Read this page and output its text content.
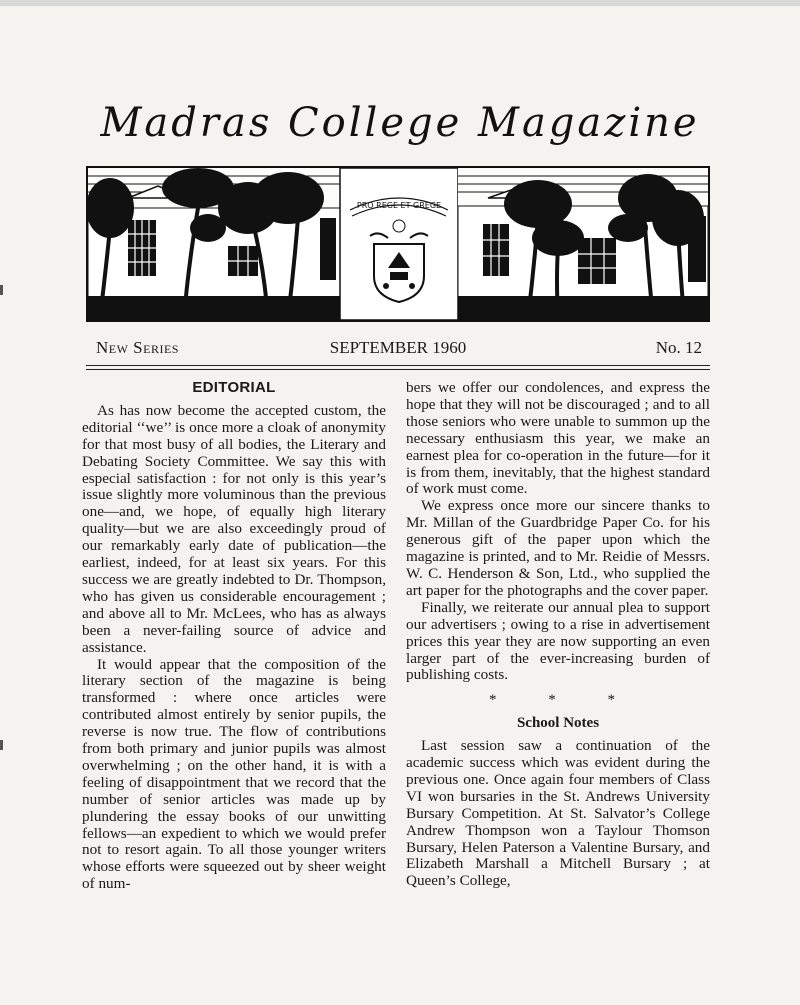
Madras College Magazine
PRO REGE ET GREGE
New Series	SEPTEMBER 1960	No. 12
EDITORIAL

As has now become the accepted custom, the editorial ‘‘we’’ is once more a cloak of anonymity for that most busy of all bodies, the Literary and Debating Society Committee. We say this with especial satisfaction : for not only is this year’s issue slightly more voluminous than the previous one—and, we hope, of equally high literary quality—but we are also exceedingly proud of our remarkably early date of publication—the earliest, indeed, for at least six years. For this success we are greatly indebted to Dr. Thompson, who has given us considerable encouragement ; and above all to Mr. McLees, who has as always been a never-failing source of advice and assistance.

It would appear that the composition of the literary section of the magazine is being transformed : where once articles were contributed almost entirely by senior pupils, the reverse is now true. The flow of contributions from both primary and junior pupils was almost overwhelming ; on the other hand, it is with a feeling of disappointment that we record that the number of senior articles was made up by plundering the essay books of our unwitting fellows—an expedient to which we would prefer not to resort again. To all those younger writers whose efforts were squeezed out by sheer weight of num-

bers we offer our condolences, and express the hope that they will not be discouraged ; and to all those seniors who were unable to summon up the necessary enthusiasm this year, we make an earnest plea for co-operation in the future—for it is from them, inevitably, that the highest standard of work must come.

We express once more our sincere thanks to Mr. Millan of the Guardbridge Paper Co. for his generous gift of the paper upon which the magazine is printed, and to Mr. Reidie of Messrs. W. C. Henderson & Son, Ltd., who supplied the art paper for the photographs and the cover paper.

Finally, we reiterate our annual plea to support our advertisers ; owing to a rise in advertisement prices this year they are now supporting an even larger part of the ever-increasing burden of publishing costs.

* * *
School Notes

Last session saw a continuation of the academic success which was evident during the previous one. Once again four members of Class VI won bursaries in the St. Andrews University Bursary Competition. At St. Salvator’s College Andrew Thompson won a Taylour Thomson Bursary, Helen Paterson a Valentine Bursary, and Elizabeth Marshall a Mitchell Bursary ; at Queen’s College,
